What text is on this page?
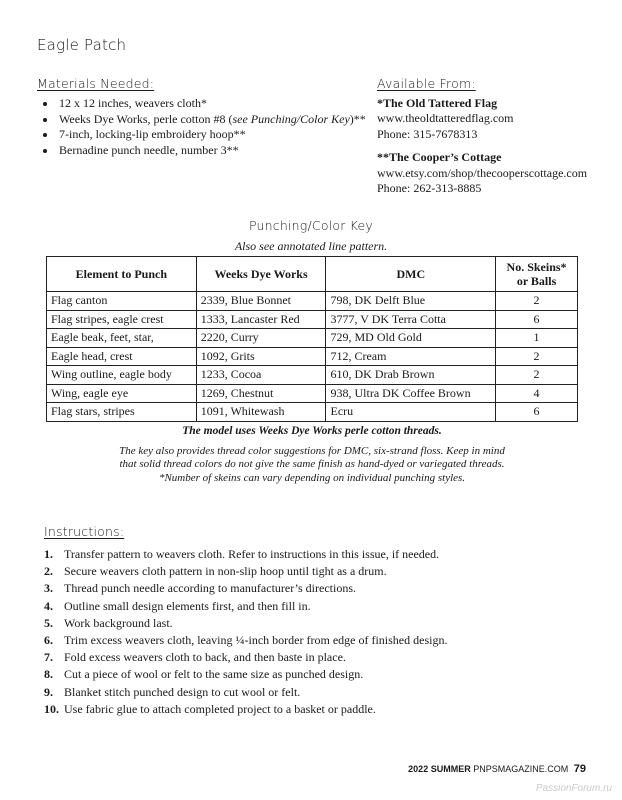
Eagle Patch
Materials Needed:
• 12 x 12 inches, weavers cloth*
• Weeks Dye Works, perle cotton #8 (see Punching/Color Key)**
• 7-inch, locking-lip embroidery hoop**
• Bernadine punch needle, number 3**
Available From:
*The Old Tattered Flag
www.theoldtatteredflag.com
Phone: 315-7678313
**The Cooper’s Cottage
www.etsy.com/shop/thecooperscottage.com
Phone: 262-313-8885
Punching/Color Key
Also see annotated line pattern.
Element to Punch	Weeks Dye Works	DMC	No. Skeins*
or Balls
Flag canton	2339, Blue Bonnet	798, DK Delft Blue	2
Flag stripes, eagle crest	1333, Lancaster Red	3777, V DK Terra Cotta	6
Eagle beak, feet, star,	2220, Curry	729, MD Old Gold	1
Eagle head, crest	1092, Grits	712, Cream	2
Wing outline, eagle body	1233, Cocoa	610, DK Drab Brown	2
Wing, eagle eye	1269, Chestnut	938, Ultra DK Coffee Brown	4
Flag stars, stripes	1091, Whitewash	Ecru	6
The model uses Weeks Dye Works perle cotton threads.
The key also provides thread color suggestions for DMC, six-strand floss. Keep in mind
that solid thread colors do not give the same finish as hand-dyed or variegated threads.
*Number of skeins can vary depending on individual punching styles.
Instructions:
1. Transfer pattern to weavers cloth. Refer to instructions in this issue, if needed.
2. Secure weavers cloth pattern in non-slip hoop until tight as a drum.
3. Thread punch needle according to manufacturer’s directions.
4. Outline small design elements first, and then fill in.
5. Work background last.
6. Trim excess weavers cloth, leaving ¼-inch border from edge of finished design.
7. Fold excess weavers cloth to back, and then baste in place.
8. Cut a piece of wool or felt to the same size as punched design.
9. Blanket stitch punched design to cut wool or felt.
10. Use fabric glue to attach completed project to a basket or paddle.
2022 SUMMER PNPSMAGAZINE.COM 79
PassionForum.ru
